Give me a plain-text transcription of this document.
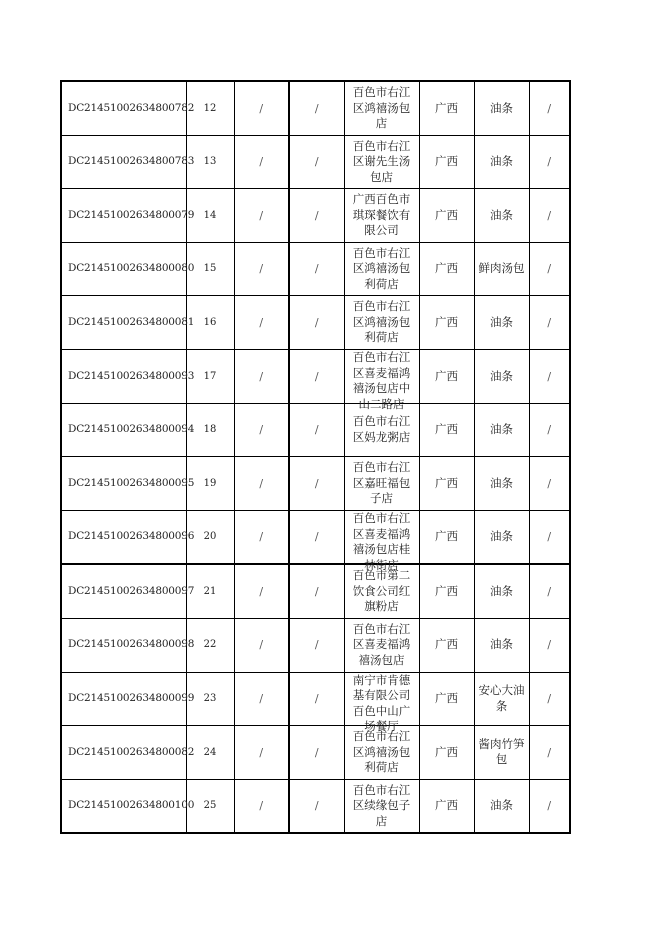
DC21451002634800782	12	/	/	百色市右江区鸿禧汤包店	广西	油条	/

DC21451002634800783	13	/	/	百色市右江区谢先生汤包店	广西	油条	/

DC21451002634800079	14	/	/	广西百色市琪琛餐饮有限公司	广西	油条	/

DC21451002634800080	15	/	/	百色市右江区鸿禧汤包利荷店	广西	鲜肉汤包	/

DC21451002634800081	16	/	/	百色市右江区鸿禧汤包利荷店	广西	油条	/

DC21451002634800093	17	/	/	百色市右江区喜麦福鸿禧汤包店中山二路店	广西	油条	/

DC21451002634800094	18	/	/	百色市右江区妈龙粥店	广西	油条	/

DC21451002634800095	19	/	/	百色市右江区嘉旺福包子店	广西	油条	/

DC21451002634800096	20	/	/	百色市右江区喜麦福鸿禧汤包店桂林街店	广西	油条	/

DC21451002634800097	21	/	/	百色市第二饮食公司红旗粉店	广西	油条	/

DC21451002634800098	22	/	/	百色市右江区喜麦福鸿禧汤包店	广西	油条	/

DC21451002634800099	23	/	/	南宁市肯德基有限公司百色中山广场餐厅	广西	安心大油条	/

DC21451002634800082	24	/	/	百色市右江区鸿禧汤包利荷店	广西	酱肉竹笋包	/

DC21451002634800100	25	/	/	百色市右江区续缘包子店	广西	油条	/
